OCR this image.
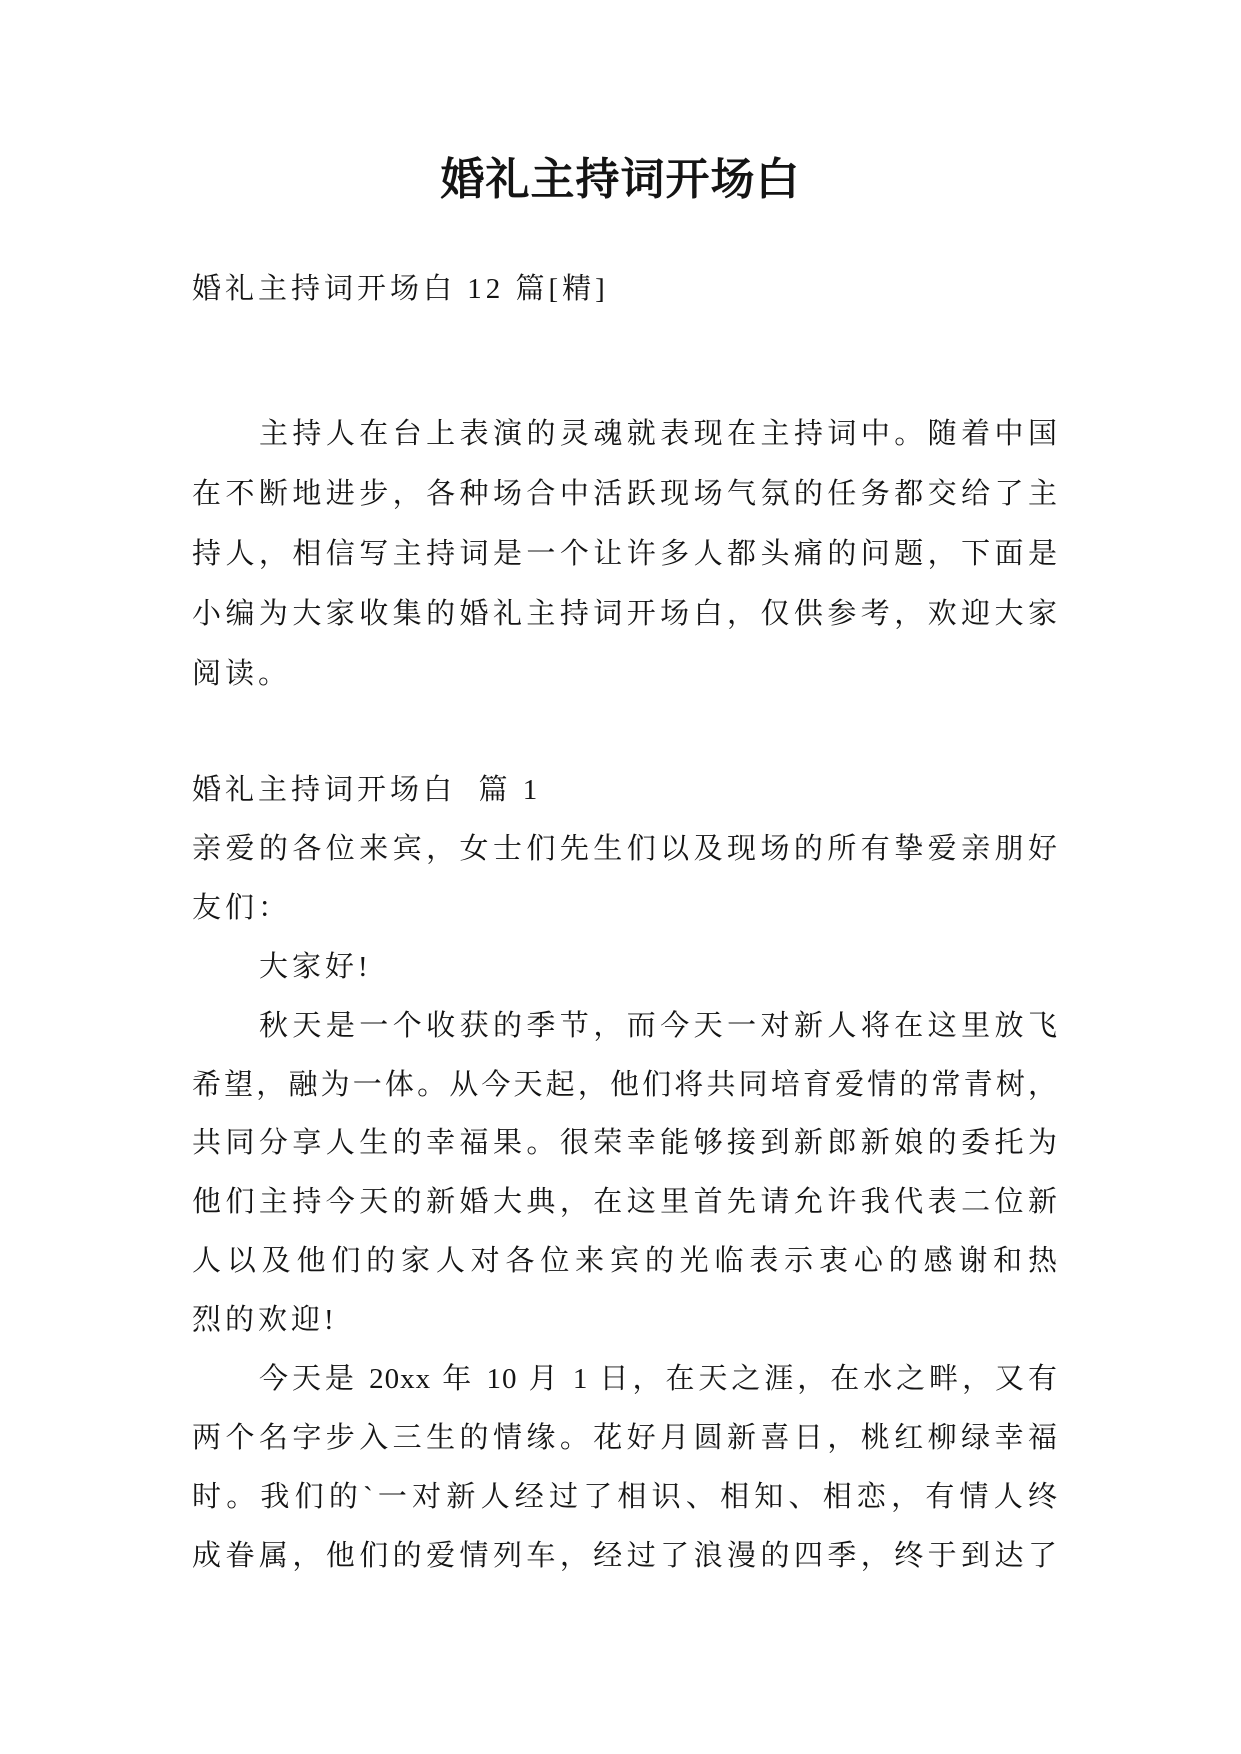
婚礼主持词开场白
婚礼主持词开场白 12 篇[精]
主持人在台上表演的灵魂就表现在主持词中。随着中国
在不断地进步，各种场合中活跃现场气氛的任务都交给了主
持人，相信写主持词是一个让许多人都头痛的问题，下面是
小编为大家收集的婚礼主持词开场白，仅供参考，欢迎大家
阅读。
婚礼主持词开场白  篇 1
亲爱的各位来宾，女士们先生们以及现场的所有挚爱亲朋好
友们：
大家好!
秋天是一个收获的季节，而今天一对新人将在这里放飞
希望，融为一体。从今天起，他们将共同培育爱情的常青树，
共同分享人生的幸福果。很荣幸能够接到新郎新娘的委托为
他们主持今天的新婚大典，在这里首先请允许我代表二位新
人以及他们的家人对各位来宾的光临表示衷心的感谢和热
烈的欢迎!
今天是 20xx 年 10 月 1 日，在天之涯，在水之畔，又有
两个名字步入三生的情缘。花好月圆新喜日，桃红柳绿幸福
时。我们的`一对新人经过了相识、相知、相恋，有情人终
成眷属，他们的爱情列车，经过了浪漫的四季，终于到达了
